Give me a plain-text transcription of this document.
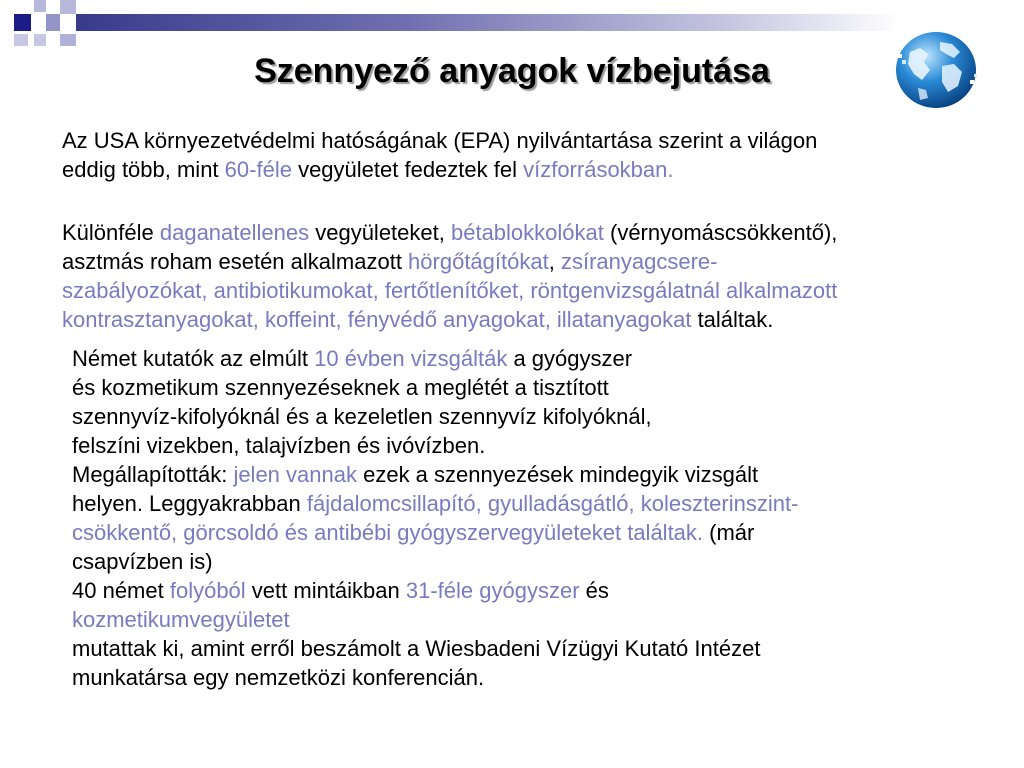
Szennyező anyagok vízbejutása
Az USA környezetvédelmi hatóságának (EPA) nyilvántartása szerint a világon
eddig több, mint 60-féle vegyületet fedeztek fel vízforrásokban.
Különféle daganatellenes vegyületeket, bétablokkolókat (vérnyomáscsökkentő),
asztmás roham esetén alkalmazott hörgőtágítókat, zsíranyagcsere-
szabályozókat, antibiotikumokat, fertőtlenítőket, röntgenvizsgálatnál alkalmazott
kontrasztanyagokat, koffeint, fényvédő anyagokat, illatanyagokat találtak.
Német kutatók az elmúlt 10 évben vizsgálták a gyógyszer
és kozmetikum szennyezéseknek a meglétét a tisztított
szennyvíz-kifolyóknál és a kezeletlen szennyvíz kifolyóknál,
felszíni vizekben, talajvízben és ivóvízben.
Megállapították: jelen vannak ezek a szennyezések mindegyik vizsgált
helyen. Leggyakrabban fájdalomcsillapító, gyulladásgátló, koleszterinszint-
csökkentő, görcsoldó és antibébi gyógyszervegyületeket találtak. (már
csapvízben is)
40 német folyóból vett mintáikban 31-féle gyógyszer és
kozmetikumvegyületet
mutattak ki, amint erről beszámolt a Wiesbadeni Vízügyi Kutató Intézet
munkatársa egy nemzetközi konferencián.
